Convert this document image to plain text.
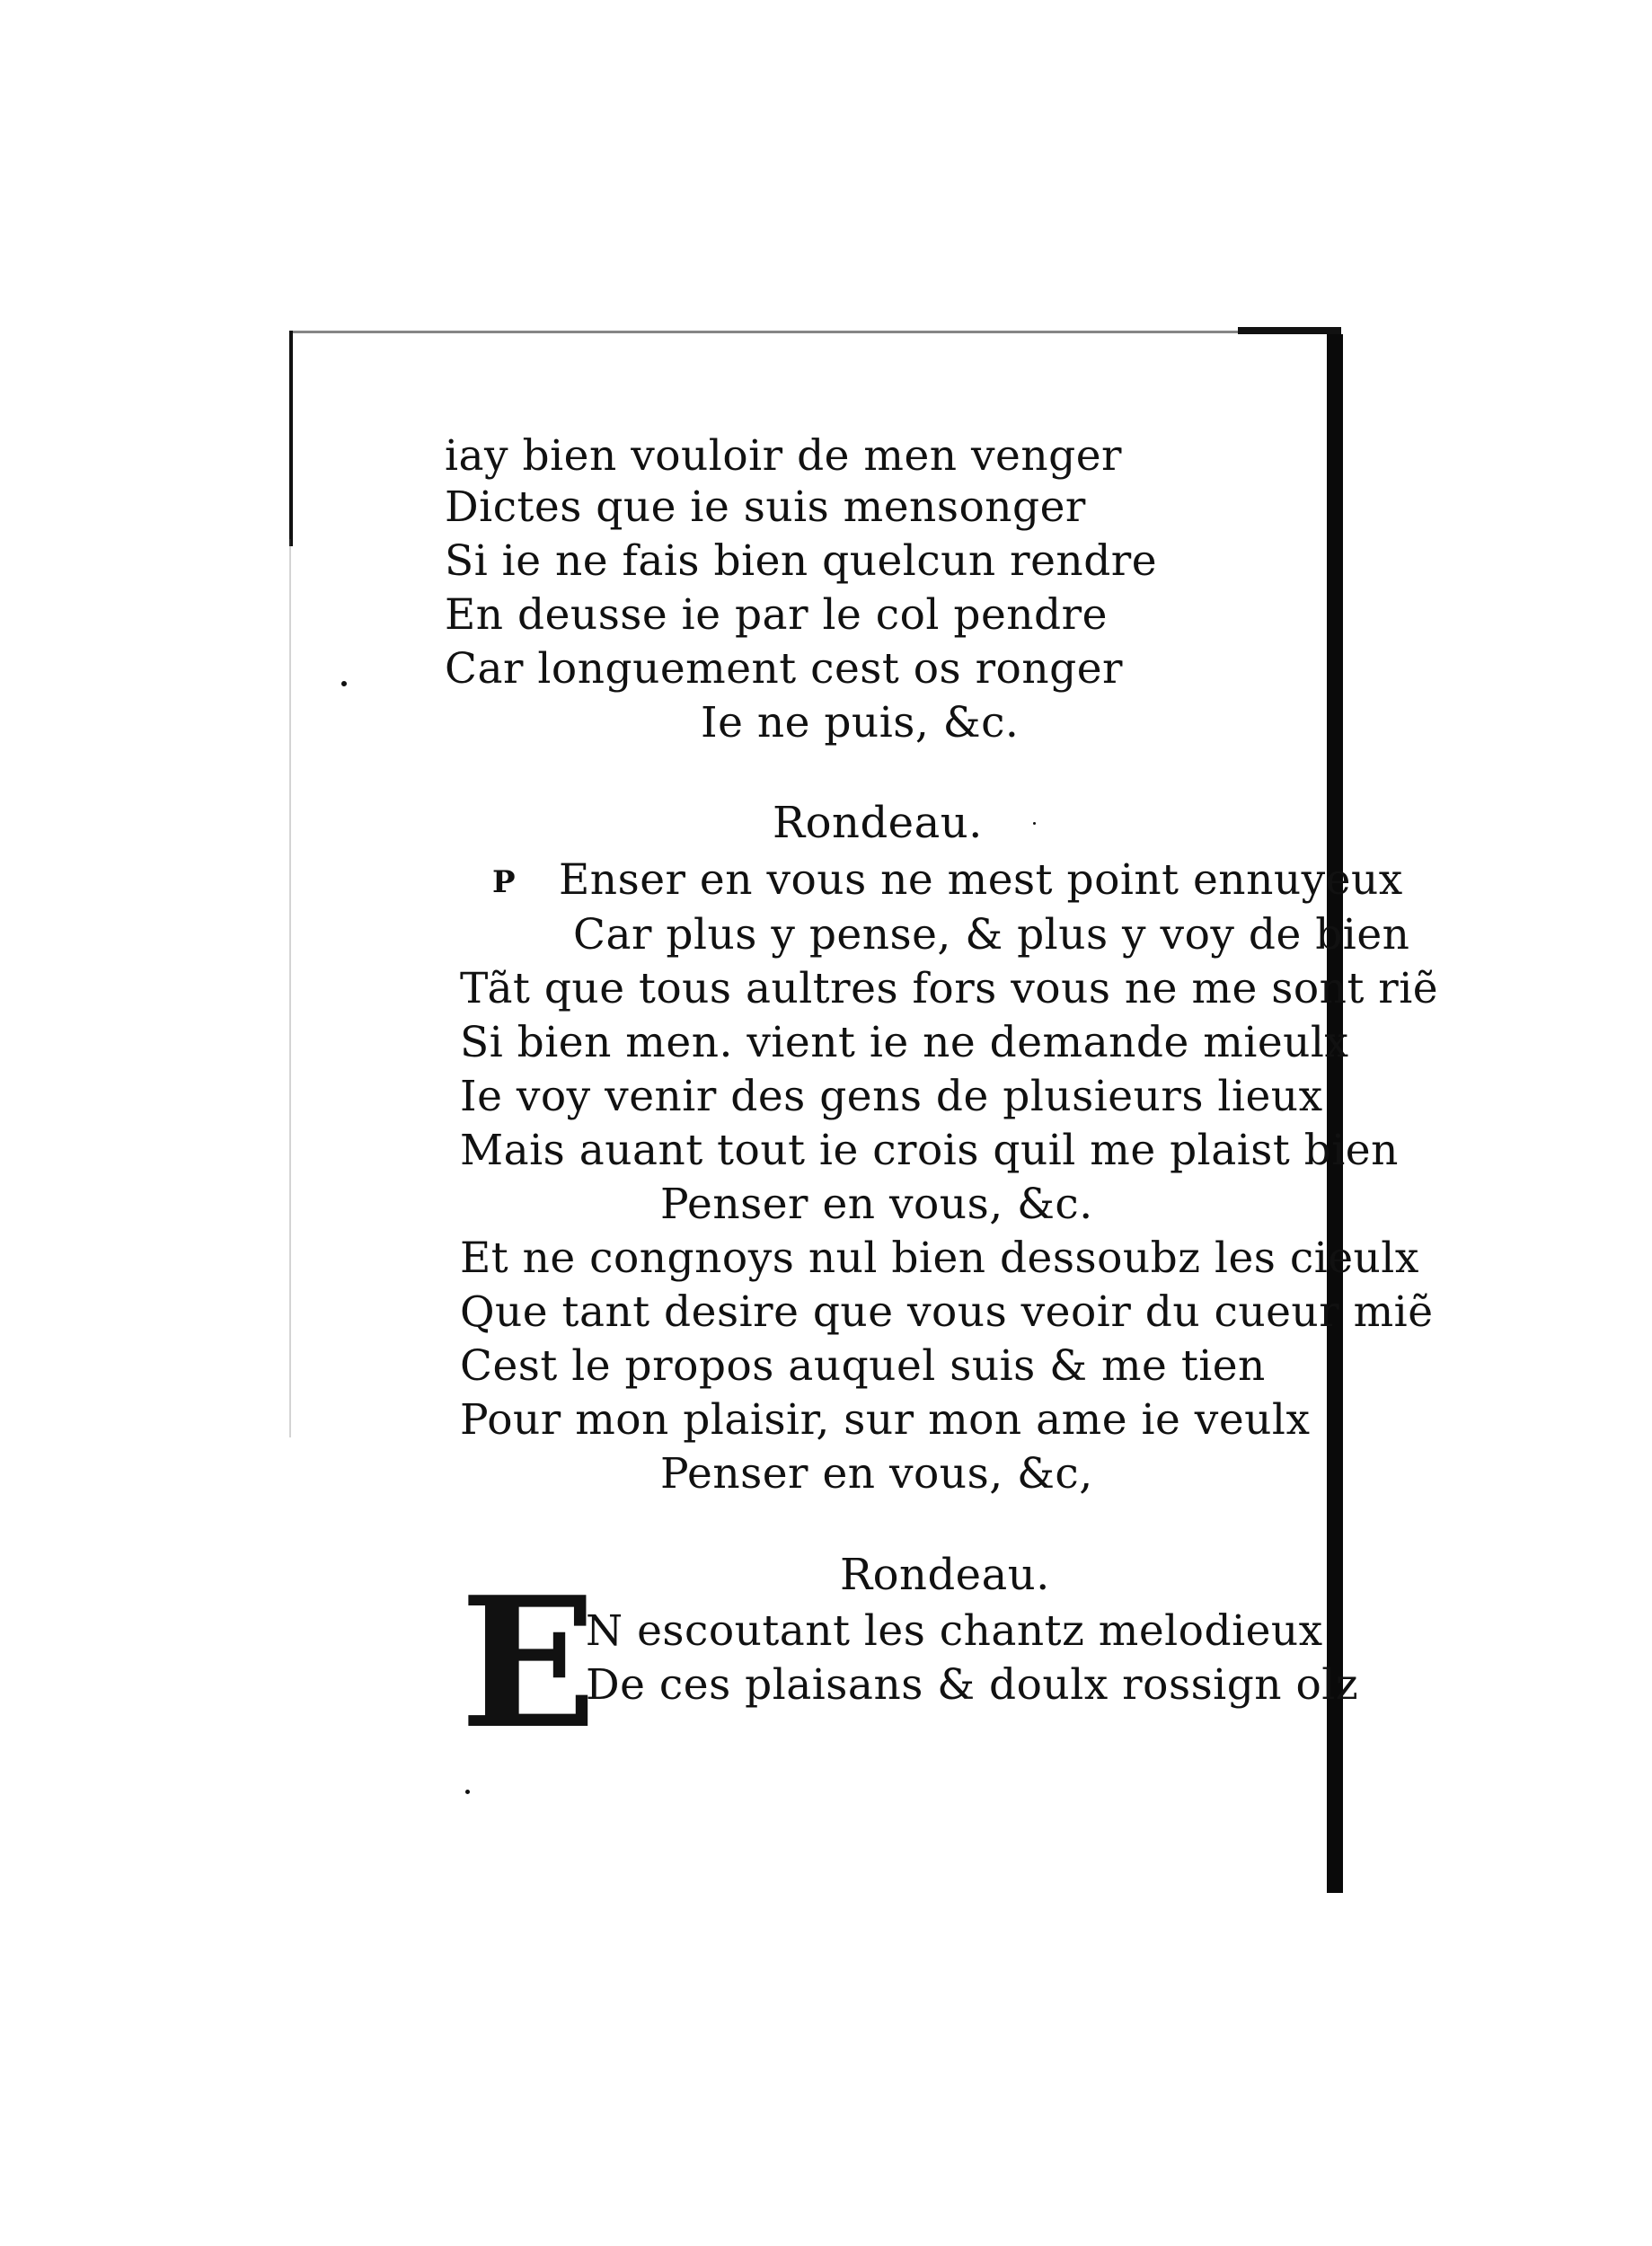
iay bien vouloir de men venger
Dictes que ie suis mensonger
Si ie ne fais bien quelcun rendre
En deusse ie par le col pendre
Car longuement cest os ronger
Ie ne puis, &c.
Rondeau.
P Enser en vous ne mest point ennuyeux
Car plus y pense, & plus y voy de bien
Tãt que tous aultres fors vous ne me sont riẽ
Si bien men. vient ie ne demande mieulx
Ie voy venir des gens de plusieurs lieux
Mais auant tout ie crois quil me plaist bien
Penser en vous, &c.
Et ne congnoys nul bien dessoubz les cieulx
Que tant desire que vous veoir du cueur miẽ
Cest le propos auquel suis & me tien
Pour mon plaisir, sur mon ame ie veulx
Penser en vous, &c,
Rondeau.
E
N escoutant les chantz melodieux
De ces plaisans & doulx rossign olz
